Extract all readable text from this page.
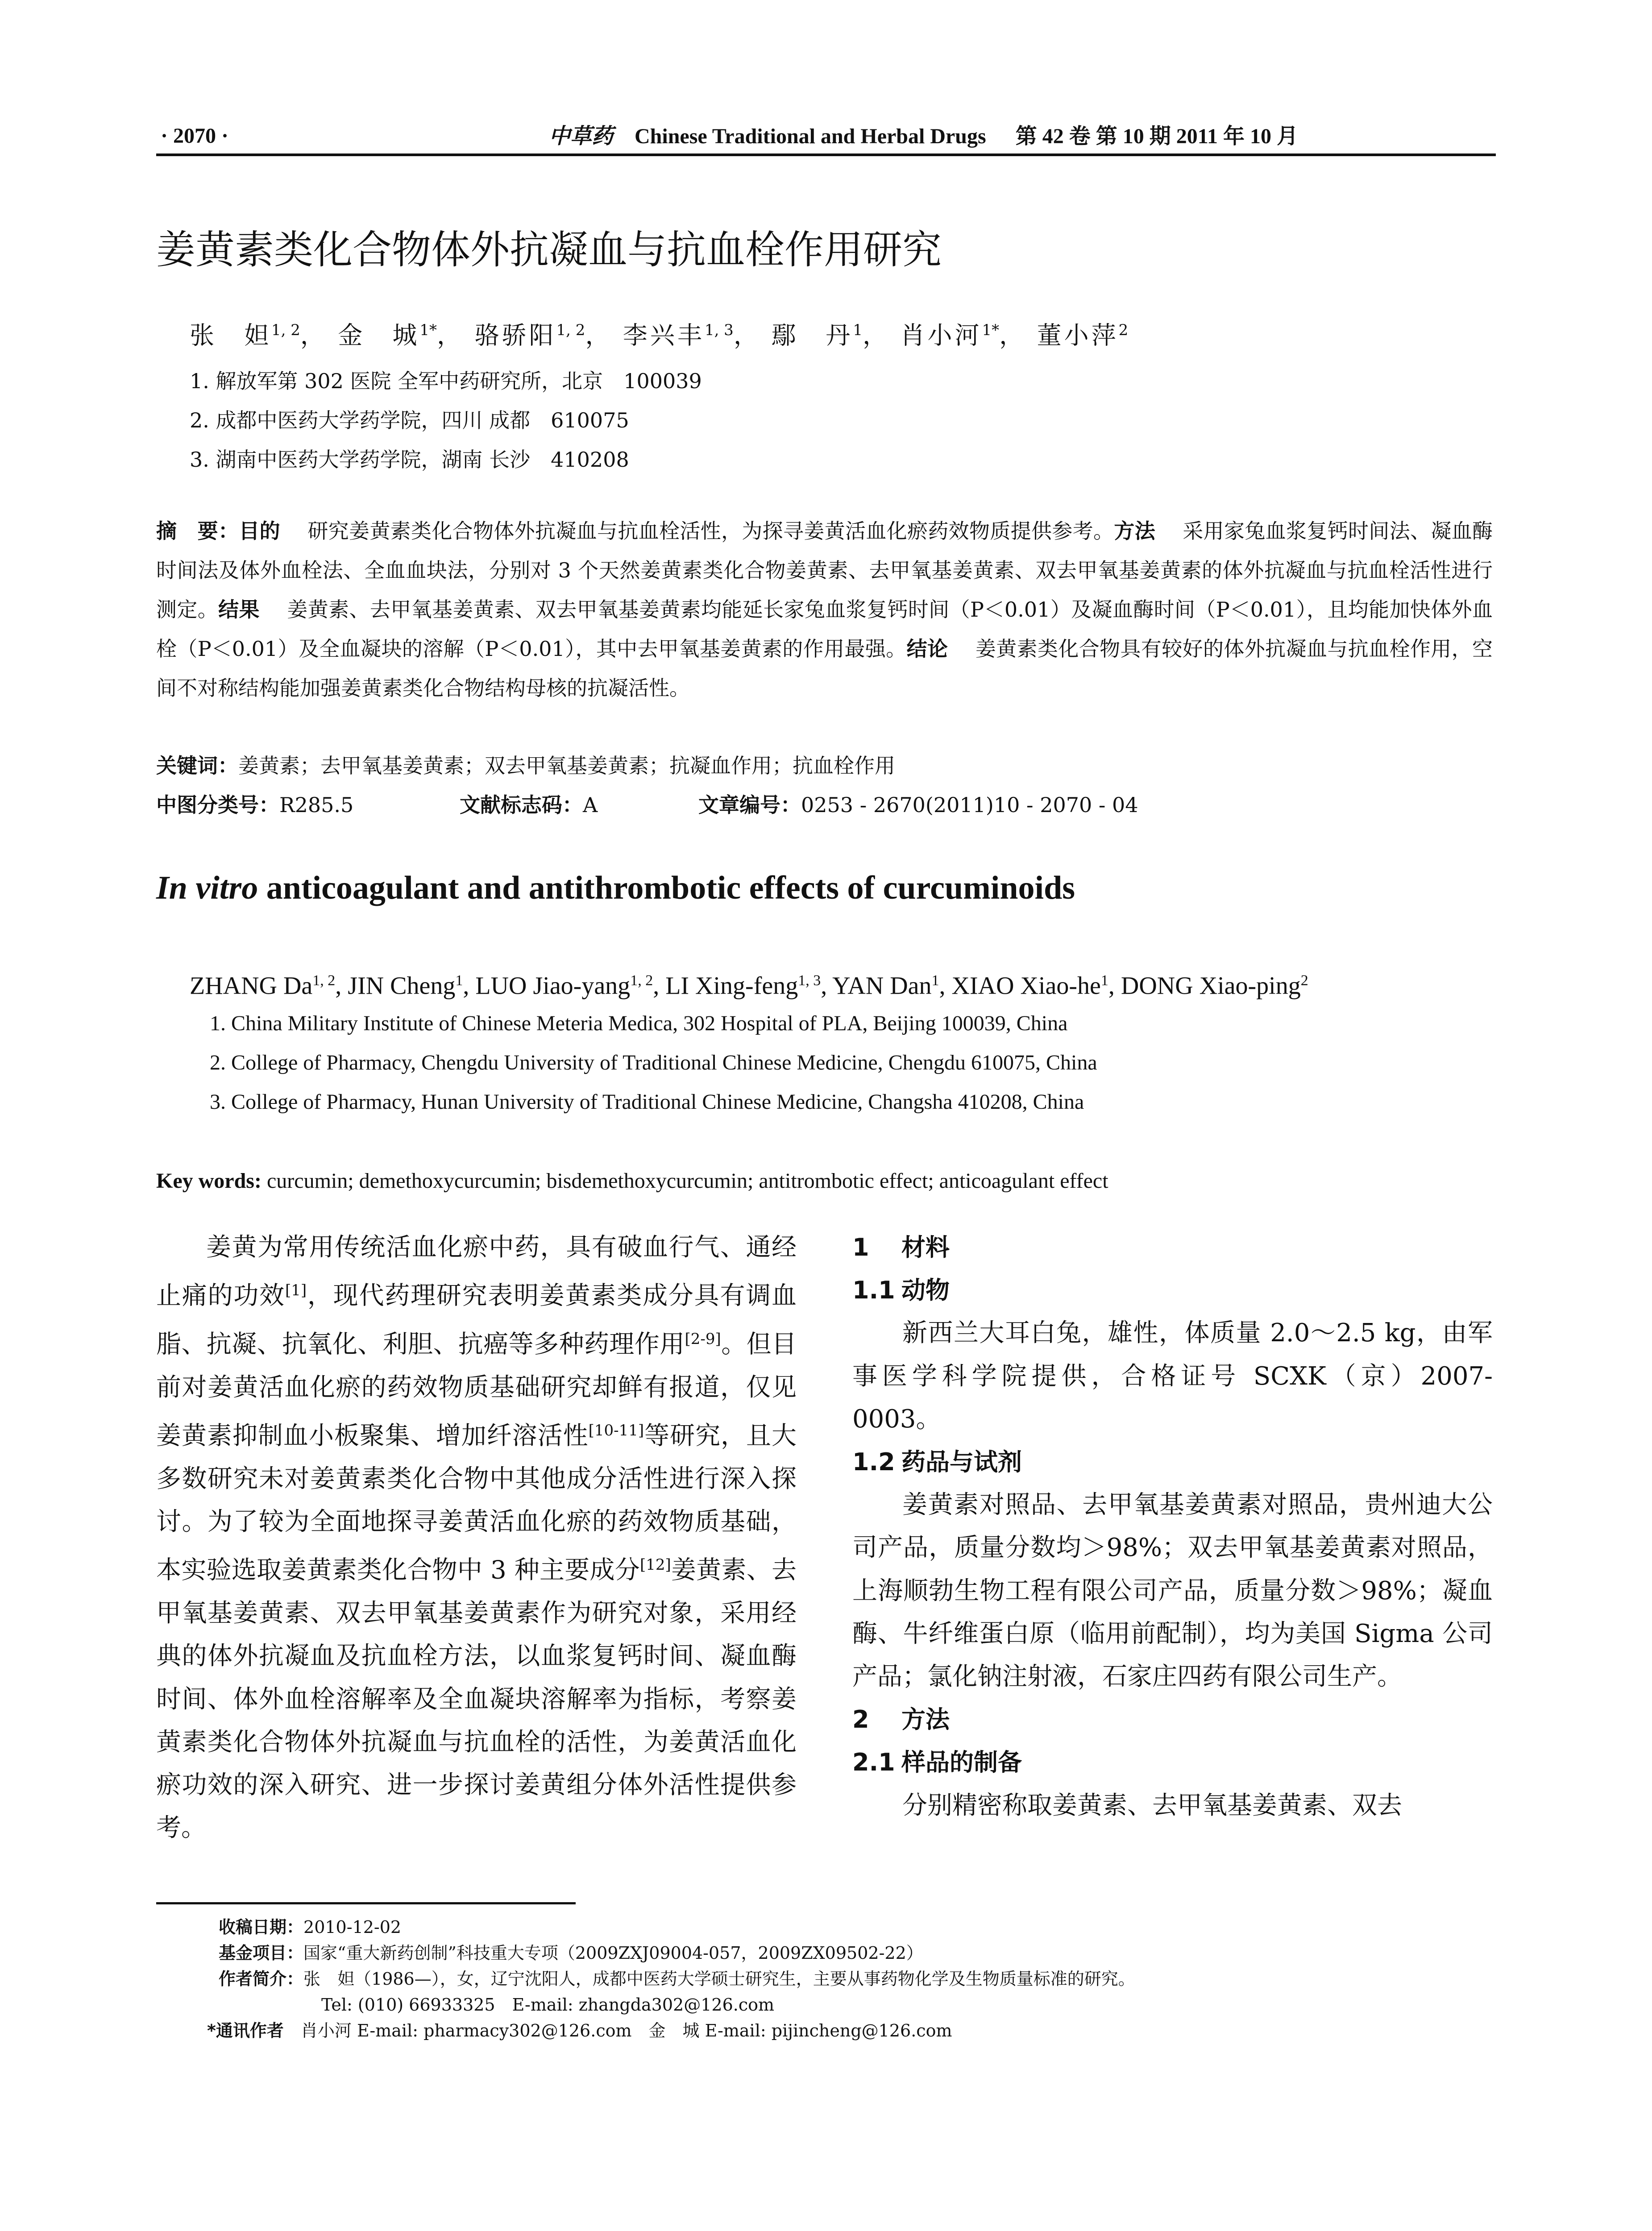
· 2070 ·	中草药 Chinese Traditional and Herbal Drugs 第 42 卷 第 10 期 2011 年 10 月
姜黄素类化合物体外抗凝血与抗血栓作用研究
张　妲$^{1, 2}$， 金　城$^{1*}$， 骆骄阳$^{1, 2}$， 李兴丰$^{1, 3}$， 鄢　丹$^1$， 肖小河$^{1*}$， 董小萍$^2$
1. 解放军第 302 医院 全军中药研究所，北京　100039
2. 成都中医药大学药学院，四川 成都　610075
3. 湖南中医药大学药学院，湖南 长沙　410208
摘　要：目的　 研究姜黄素类化合物体外抗凝血与抗血栓活性，为探寻姜黄活血化瘀药效物质提供参考。方法　 采用家兔血浆复钙时间法、凝血酶时间法及体外血栓法、全血血块法，分别对 3 个天然姜黄素类化合物姜黄素、去甲氧基姜黄素、双去甲氧基姜黄素的体外抗凝血与抗血栓活性进行测定。结果　 姜黄素、去甲氧基姜黄素、双去甲氧基姜黄素均能延长家兔血浆复钙时间（P＜0.01）及凝血酶时间（P＜0.01），且均能加快体外血栓（P＜0.01）及全血凝块的溶解（P＜0.01），其中去甲氧基姜黄素的作用最强。结论　 姜黄素类化合物具有较好的体外抗凝血与抗血栓作用，空间不对称结构能加强姜黄素类化合物结构母核的抗凝活性。
关键词：姜黄素；去甲氧基姜黄素；双去甲氧基姜黄素；抗凝血作用；抗血栓作用
中图分类号：R285.5	文献标志码：A	文章编号：0253 - 2670(2011)10 - 2070 - 04
In vitro anticoagulant and antithrombotic effects of curcuminoids
ZHANG Da$^{1, 2}$, JIN Cheng$^1$, LUO Jiao-yang$^{1, 2}$, LI Xing-feng$^{1, 3}$, YAN Dan$^1$, XIAO Xiao-$he^1$, DONG Xiao-ping$^2$
1. China Military Institute of Chinese Meteria Medica, 302 Hospital of PLA, Beijing 100039, China
2. College of Pharmacy, Chengdu University of Traditional Chinese Medicine, Chengdu 610075, China
3. College of Pharmacy, Hunan University of Traditional Chinese Medicine, Changsha 410208, China
Key words: curcumin; demethoxycurcumin; bisdemethoxycurcumin; antitrombotic effect; anticoagulant effect

姜黄为常用传统活血化瘀中药，具有破血行气、通经止痛的功效[1]，现代药理研究表明姜黄素类成分具有调血脂、抗凝、抗氧化、利胆、抗癌等多种药理作用[2-9]。但目前对姜黄活血化瘀的药效物质基础研究却鲜有报道，仅见姜黄素抑制血小板聚集、增加纤溶活性[10-11]等研究，且大多数研究未对姜黄素类化合物中其他成分活性进行深入探讨。为了较为全面地探寻姜黄活血化瘀的药效物质基础，本实验选取姜黄素类化合物中 3 种主要成分[12]姜黄素、去甲氧基姜黄素、双去甲氧基姜黄素作为研究对象，采用经典的体外抗凝血及抗血栓方法，以血浆复钙时间、凝血酶时间、体外血栓溶解率及全血凝块溶解率为指标，考察姜黄素类化合物体外抗凝血与抗血栓的活性，为姜黄活血化瘀功效的深入研究、进一步探讨姜黄组分体外活性提供参考。

1 材料
1.1 动物

新西兰大耳白兔，雄性，体质量 2.0～2.5 kg，由军事医学科学院提供，合格证号 SCXK（京）2007-0003。

1.2 药品与试剂

姜黄素对照品、去甲氧基姜黄素对照品，贵州迪大公司产品，质量分数均＞98%；双去甲氧基姜黄素对照品，上海顺勃生物工程有限公司产品，质量分数＞98%；凝血酶、牛纤维蛋白原（临用前配制），均为美国 Sigma 公司产品；氯化钠注射液，石家庄四药有限公司生产。

2 方法
2.1 样品的制备

分别精密称取姜黄素、去甲氧基姜黄素、双去

收稿日期：2010-12-02
基金项目：国家“重大新药创制”科技重大专项（2009ZXJ09004-057，2009ZX09502-22）
作者简介：张　妲（1986—），女，辽宁沈阳人，成都中医药大学硕士研究生，主要从事药物化学及生物质量标准的研究。
Tel: (010) 66933325　E-mail: zhangda302@126.com
*通讯作者　肖小河 E-mail: pharmacy302@126.com　金　城 E-mail: pijincheng@126.com
